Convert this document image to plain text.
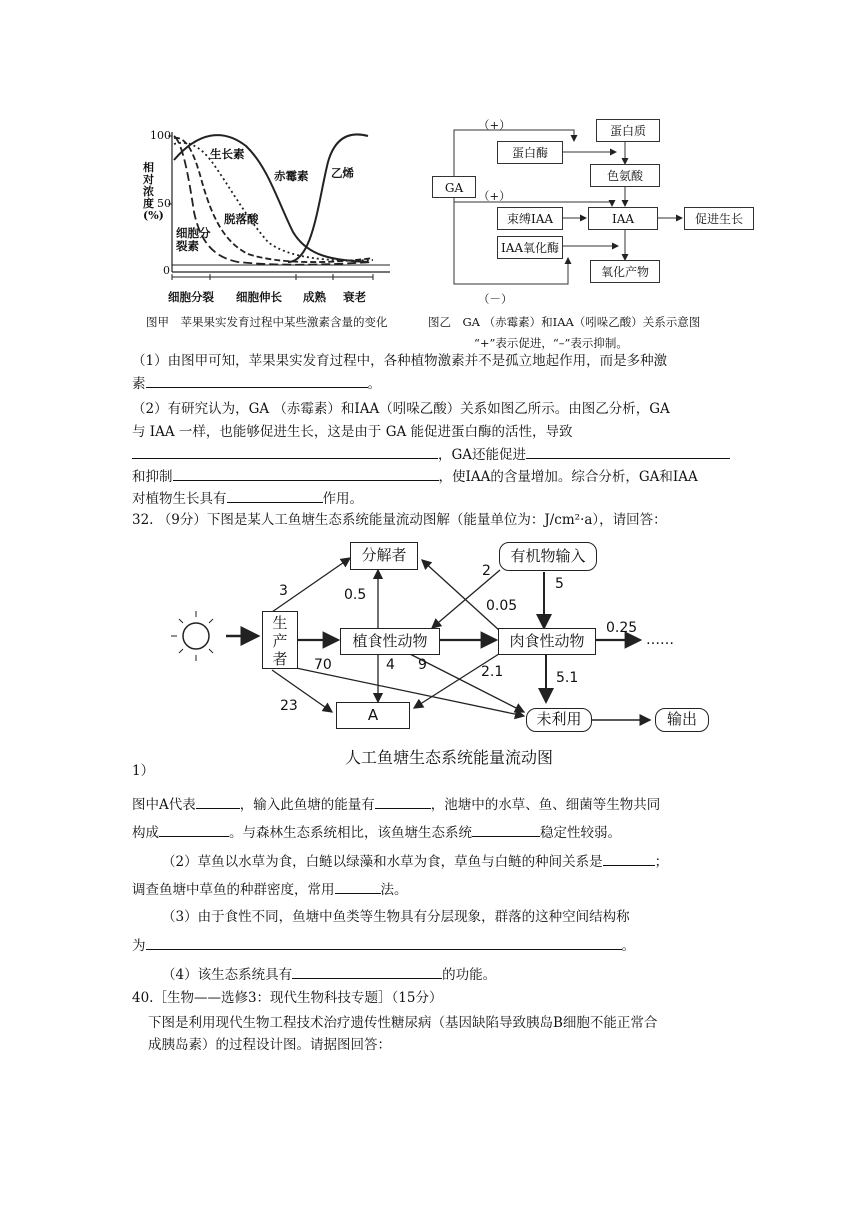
100
50
0
相对浓度(%)
生长素
赤霉素 乙烯
脱落酸
细胞分裂素
细胞分裂 细胞伸长 成熟 衰老
图甲　苹果果实发育过程中某些激素含量的变化
（+）
（+）
（－）
GA
蛋白质
蛋白酶
色氨酸
束缚IAA	IAA	促进生长
IAA氧化酶
氧化产物
图乙　GA （赤霉素）和IAA（吲哚乙酸）关系示意图
“+”表示促进，“–”表示抑制。
（1）由图甲可知，苹果果实发育过程中，各种植物激素并不是孤立地起作用，而是多种激
素	。
（2）有研究认为，GA （赤霉素）和IAA（吲哚乙酸）关系如图乙所示。由图乙分析，GA
与 IAA 一样，也能够促进生长，这是由于 GA 能促进蛋白酶的活性，导致
，GA还能促进
和抑制	，使IAA的含量增加。综合分析，GA和IAA
对植物生长具有	作用。
32. （9分）下图是某人工鱼塘生态系统能量流动图解（能量单位为：J/cm²·a），请回答：
分解者	有机物输入
生产者
植食性动物	肉食性动物
A	未利用	输出
3	0.5
2
5
0.05
0.25
……
70	4 9	2.1	5.1
23
人工鱼塘生态系统能量流动图
1）
图中A代表	，输入此鱼塘的能量有	，池塘中的水草、鱼、细菌等生物共同
构成	。与森林生态系统相比，该鱼塘生态系统	稳定性较弱。
（2）草鱼以水草为食，白鲢以绿藻和水草为食，草鱼与白鲢的种间关系是	；
调查鱼塘中草鱼的种群密度，常用	法。
（3）由于食性不同，鱼塘中鱼类等生物具有分层现象，群落的这种空间结构称
为	。
（4）该生态系统具有	的功能。
40.［生物——选修3：现代生物科技专题］（15分）
下图是利用现代生物工程技术治疗遗传性糖尿病（基因缺陷导致胰岛B细胞不能正常合
成胰岛素）的过程设计图。请据图回答：
